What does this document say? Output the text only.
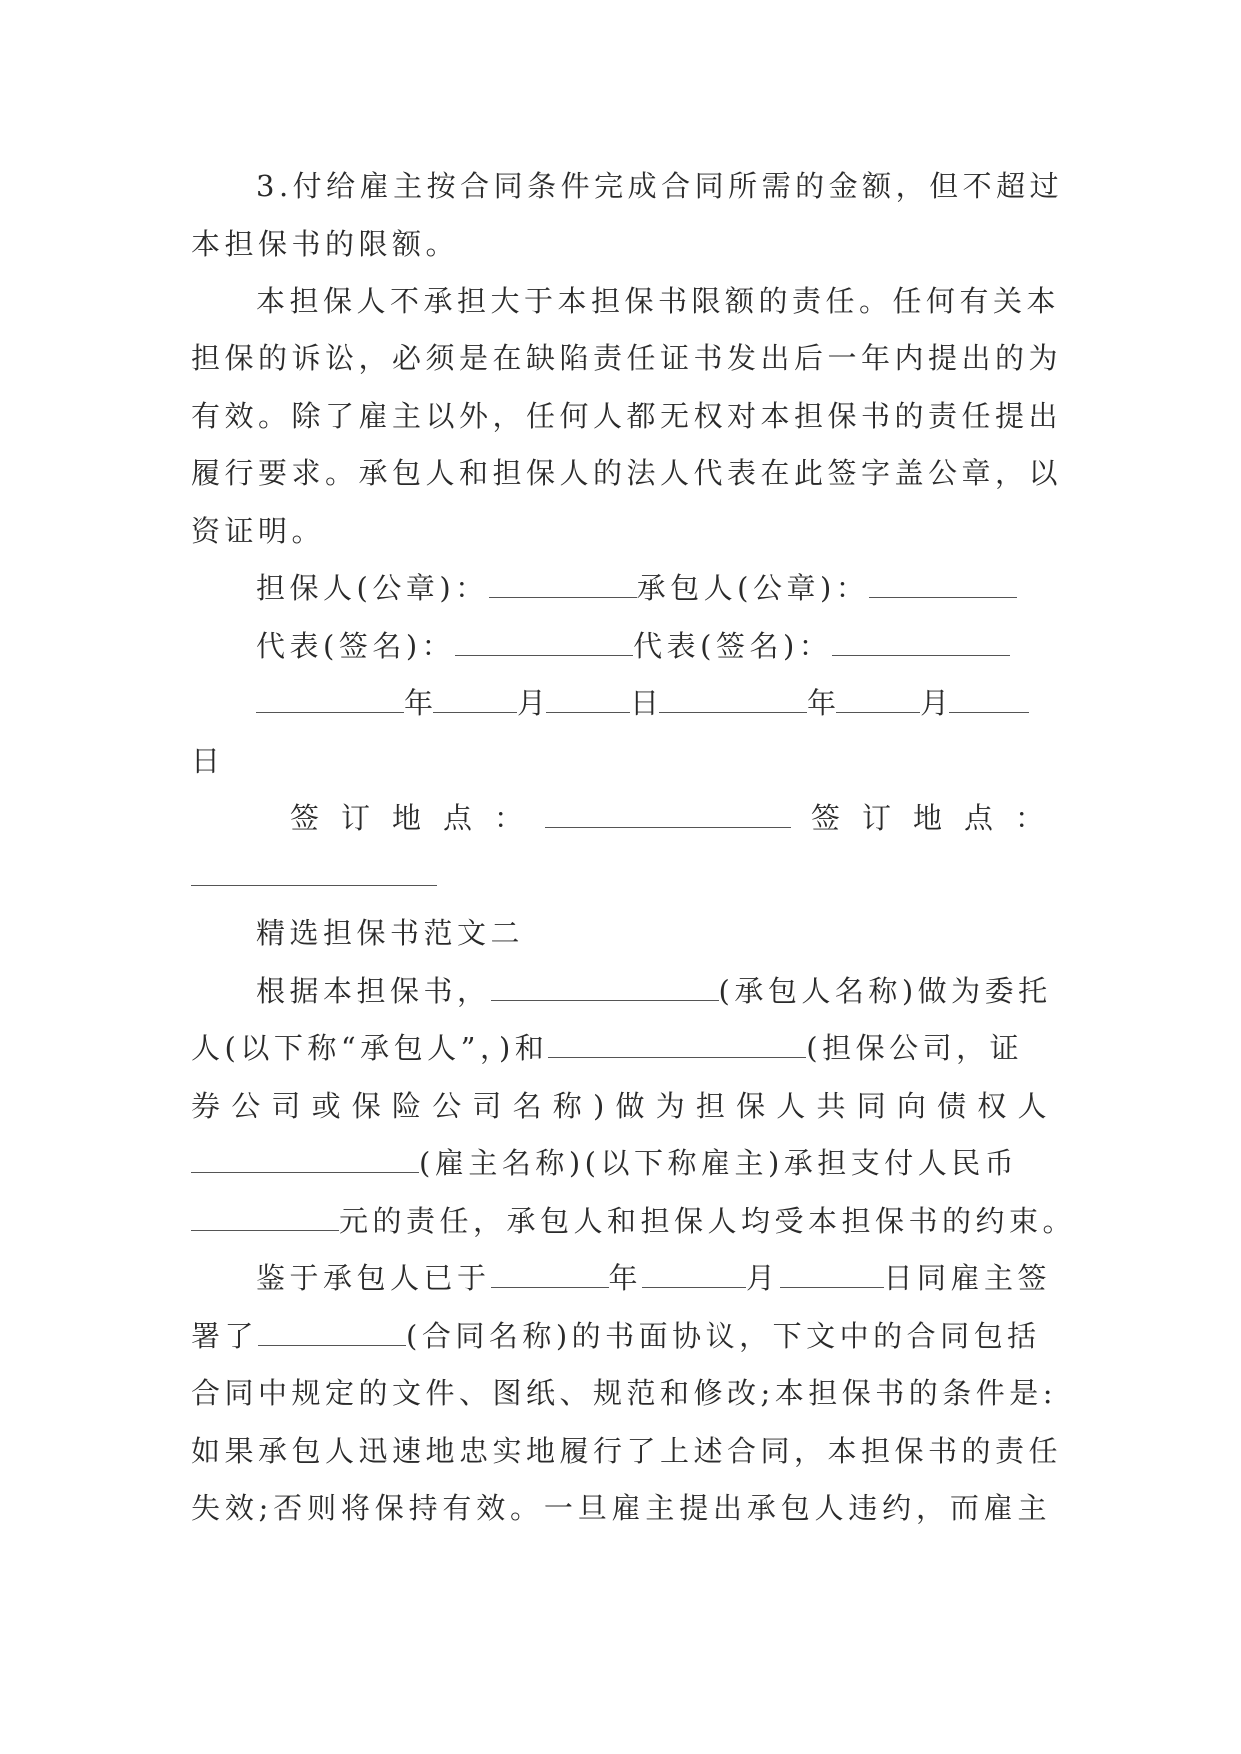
3.付给雇主按合同条件完成合同所需的金额，但不超过
本担保书的限额。
本担保人不承担大于本担保书限额的责任。任何有关本
担保的诉讼，必须是在缺陷责任证书发出后一年内提出的为
有效。除了雇主以外，任何人都无权对本担保书的责任提出
履行要求。承包人和担保人的法人代表在此签字盖公章，以
资证明。
担保人(公章)：	承包人(公章)：
代表(签名)：	代表(签名)：
年	月	日	年	月
日
签订地点：	签订地点：
精选担保书范文二
根据本担保书，	(承包人名称)做为委托
人(以下称“承包人”，)和	(担保公司，证
券公司或保险公司名称)做为担保人共同向债权人
(雇主名称)(以下称雇主)承担支付人民币
元的责任，承包人和担保人均受本担保书的约束。
鉴于承包人已于	年	月	日同雇主签
署了	(合同名称)的书面协议，下文中的合同包括
合同中规定的文件、图纸、规范和修改;本担保书的条件是:
如果承包人迅速地忠实地履行了上述合同，本担保书的责任
失效;否则将保持有效。一旦雇主提出承包人违约，而雇主
